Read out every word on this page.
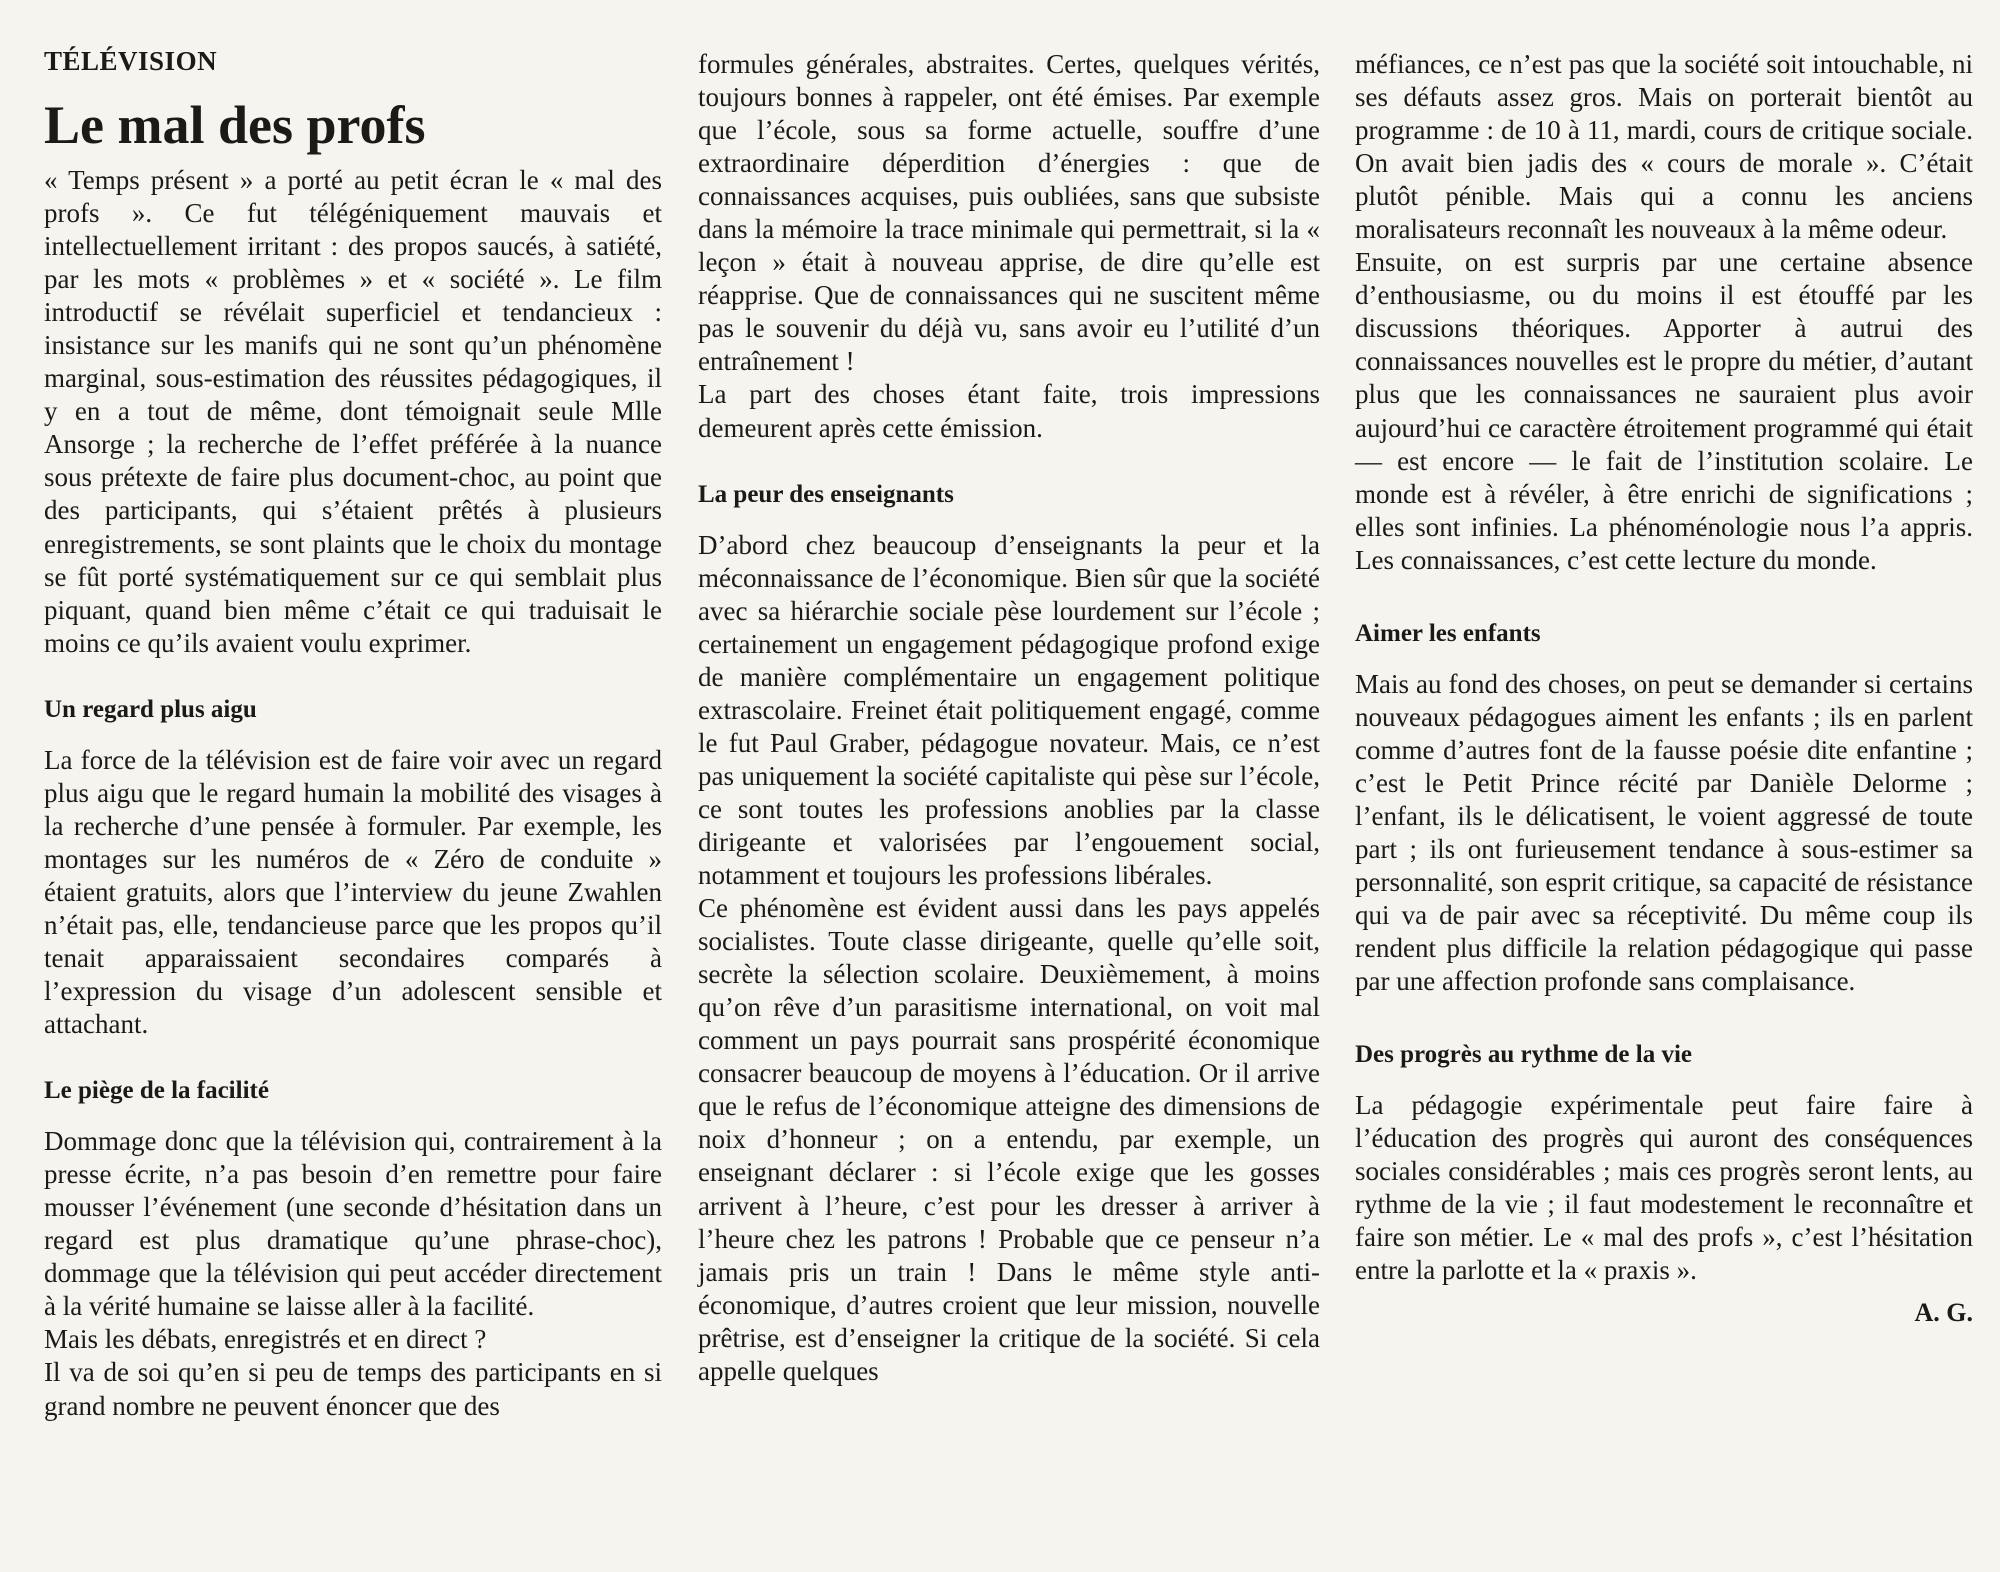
TÉLÉVISION
Le mal des profs

« Temps présent » a porté au petit écran le « mal des profs ». Ce fut télégéniquement mauvais et intellectuellement irritant : des propos saucés, à satiété, par les mots « problèmes » et « société ». Le film introductif se révélait superficiel et tendancieux : insistance sur les manifs qui ne sont qu’un phénomène marginal, sous-estimation des réussites pédagogiques, il y en a tout de même, dont témoignait seule Mlle Ansorge ; la recherche de l’effet préférée à la nuance sous prétexte de faire plus document-choc, au point que des participants, qui s’étaient prêtés à plusieurs enregistrements, se sont plaints que le choix du montage se fût porté systématiquement sur ce qui semblait plus piquant, quand bien même c’était ce qui traduisait le moins ce qu’ils avaient voulu exprimer.

Un regard plus aigu

La force de la télévision est de faire voir avec un regard plus aigu que le regard humain la mobilité des visages à la recherche d’une pensée à formuler. Par exemple, les montages sur les numéros de « Zéro de conduite » étaient gratuits, alors que l’interview du jeune Zwahlen n’était pas, elle, tendancieuse parce que les propos qu’il tenait apparaissaient secondaires comparés à l’expression du visage d’un adolescent sensible et attachant.

Le piège de la facilité

Dommage donc que la télévision qui, contrairement à la presse écrite, n’a pas besoin d’en remettre pour faire mousser l’événement (une seconde d’hésitation dans un regard est plus dramatique qu’une phrase-choc), dommage que la télévision qui peut accéder directement à la vérité humaine se laisse aller à la facilité.

Mais les débats, enregistrés et en direct ?

Il va de soi qu’en si peu de temps des participants en si grand nombre ne peuvent énoncer que des

formules générales, abstraites. Certes, quelques vérités, toujours bonnes à rappeler, ont été émises. Par exemple que l’école, sous sa forme actuelle, souffre d’une extraordinaire déperdition d’énergies : que de connaissances acquises, puis oubliées, sans que subsiste dans la mémoire la trace minimale qui permettrait, si la « leçon » était à nouveau apprise, de dire qu’elle est réapprise. Que de connaissances qui ne suscitent même pas le souvenir du déjà vu, sans avoir eu l’utilité d’un entraînement !

La part des choses étant faite, trois impressions demeurent après cette émission.

La peur des enseignants

D’abord chez beaucoup d’enseignants la peur et la méconnaissance de l’économique. Bien sûr que la société avec sa hiérarchie sociale pèse lourdement sur l’école ; certainement un engagement pédagogique profond exige de manière complémentaire un engagement politique extrascolaire. Freinet était politiquement engagé, comme le fut Paul Graber, pédagogue novateur. Mais, ce n’est pas uniquement la société capitaliste qui pèse sur l’école, ce sont toutes les professions anoblies par la classe dirigeante et valorisées par l’engouement social, notamment et toujours les professions libérales.

Ce phénomène est évident aussi dans les pays appelés socialistes. Toute classe dirigeante, quelle qu’elle soit, secrète la sélection scolaire. Deuxièmement, à moins qu’on rêve d’un parasitisme international, on voit mal comment un pays pourrait sans prospérité économique consacrer beaucoup de moyens à l’éducation. Or il arrive que le refus de l’économique atteigne des dimensions de noix d’honneur ; on a entendu, par exemple, un enseignant déclarer : si l’école exige que les gosses arrivent à l’heure, c’est pour les dresser à arriver à l’heure chez les patrons ! Probable que ce penseur n’a jamais pris un train ! Dans le même style anti-économique, d’autres croient que leur mission, nouvelle prêtrise, est d’enseigner la critique de la société. Si cela appelle quelques

méfiances, ce n’est pas que la société soit intouchable, ni ses défauts assez gros. Mais on porterait bientôt au programme : de 10 à 11, mardi, cours de critique sociale. On avait bien jadis des « cours de morale ». C’était plutôt pénible. Mais qui a connu les anciens moralisateurs reconnaît les nouveaux à la même odeur.

Ensuite, on est surpris par une certaine absence d’enthousiasme, ou du moins il est étouffé par les discussions théoriques. Apporter à autrui des connaissances nouvelles est le propre du métier, d’autant plus que les connaissances ne sauraient plus avoir aujourd’hui ce caractère étroitement programmé qui était — est encore — le fait de l’institution scolaire. Le monde est à révéler, à être enrichi de significations ; elles sont infinies. La phénoménologie nous l’a appris. Les connaissances, c’est cette lecture du monde.

Aimer les enfants

Mais au fond des choses, on peut se demander si certains nouveaux pédagogues aiment les enfants ; ils en parlent comme d’autres font de la fausse poésie dite enfantine ; c’est le Petit Prince récité par Danièle Delorme ; l’enfant, ils le délicatisent, le voient aggressé de toute part ; ils ont furieusement tendance à sous-estimer sa personnalité, son esprit critique, sa capacité de résistance qui va de pair avec sa réceptivité. Du même coup ils rendent plus difficile la relation pédagogique qui passe par une affection profonde sans complaisance.

Des progrès au rythme de la vie

La pédagogie expérimentale peut faire faire à l’éducation des progrès qui auront des conséquences sociales considérables ; mais ces progrès seront lents, au rythme de la vie ; il faut modestement le reconnaître et faire son métier. Le « mal des profs », c’est l’hésitation entre la parlotte et la « praxis ».

A. G.
